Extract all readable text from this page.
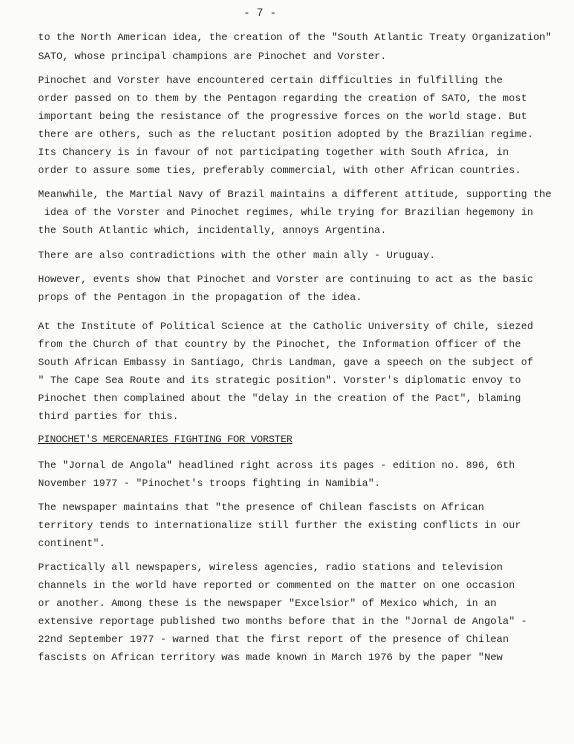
- 7 -
to the North American idea, the creation of the "South Atlantic Treaty Organization"
SATO, whose principal champions are Pinochet and Vorster.
Pinochet and Vorster have encountered certain difficulties in fulfilling the
order passed on to them by the Pentagon regarding the creation of SATO, the most
important being the resistance of the progressive forces on the world stage. But
there are others, such as the reluctant position adopted by the Brazilian regime.
Its Chancery is in favour of not participating together with South Africa, in
order to assure some ties, preferably commercial, with other African countries.
Meanwhile, the Martial Navy of Brazil maintains a different attitude, supporting the
idea of the Vorster and Pinochet regimes, while trying for Brazilian hegemony in
the South Atlantic which, incidentally, annoys Argentina.
There are also contradictions with the other main ally - Uruguay.
However, events show that Pinochet and Vorster are continuing to act as the basic
props of the Pentagon in the propagation of the idea.
At the Institute of Political Science at the Catholic University of Chile, siezed
from the Church of that country by the Pinochet, the Information Officer of the
South African Embassy in Santiago, Chris Landman, gave a speech on the subject of
" The Cape Sea Route and its strategic position". Vorster's diplomatic envoy to
Pinochet then complained about the "delay in the creation of the Pact", blaming
third parties for this.
PINOCHET'S MERCENARIES FIGHTING FOR VORSTER
The "Jornal de Angola" headlined right across its pages - edition no. 896, 6th
November 1977 - "Pinochet's troops fighting in Namibia".
The newspaper maintains that "the presence of Chilean fascists on African
territory tends to internationalize still further the existing conflicts in our
continent".
Practically all newspapers, wireless agencies, radio stations and television
channels in the world have reported or commented on the matter on one occasion
or another. Among these is the newspaper "Excelsior" of Mexico which, in an
extensive reportage published two months before that in the "Jornal de Angola" -
22nd September 1977 - warned that the first report of the presence of Chilean
fascists on African territory was made known in March 1976 by the paper "New
